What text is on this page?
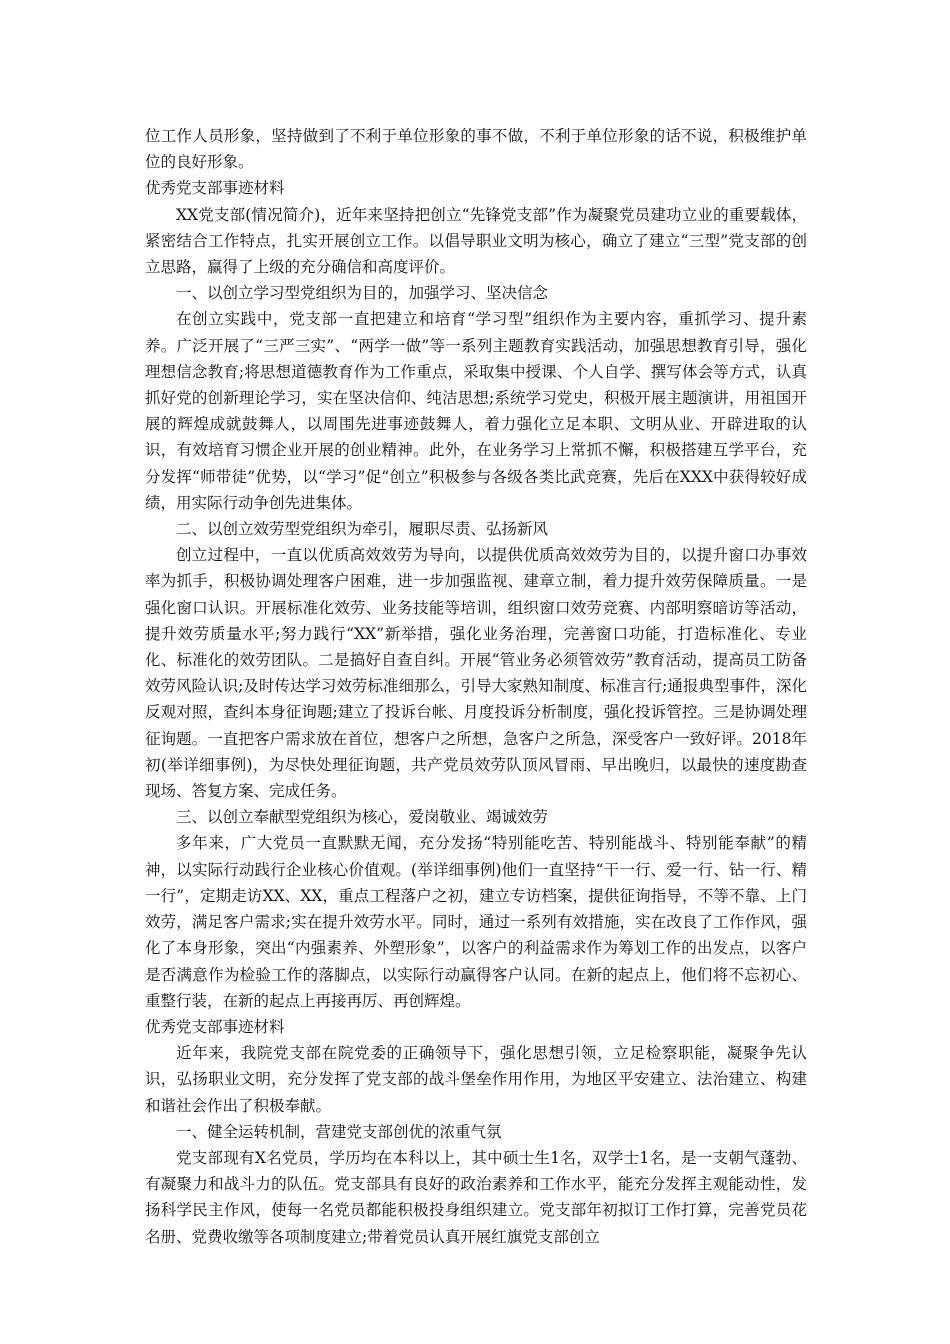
位工作人员形象，坚持做到了不利于单位形象的事不做，不利于单位形象的话不说，积极维护单位的良好形象。

优秀党支部事迹材料

XX党支部(情况简介)，近年来坚持把创立“先锋党支部”作为凝聚党员建功立业的重要载体，紧密结合工作特点，扎实开展创立工作。以倡导职业文明为核心，确立了建立“三型”党支部的创立思路，赢得了上级的充分确信和高度评价。

一、以创立学习型党组织为目的，加强学习、坚决信念

在创立实践中，党支部一直把建立和培育“学习型”组织作为主要内容，重抓学习、提升素养。广泛开展了“三严三实”、“两学一做”等一系列主题教育实践活动，加强思想教育引导，强化理想信念教育;将思想道德教育作为工作重点，采取集中授课、个人自学、撰写体会等方式，认真抓好党的创新理论学习，实在坚决信仰、纯洁思想;系统学习党史，积极开展主题演讲，用祖国开展的辉煌成就鼓舞人，以周围先进事迹鼓舞人，着力强化立足本职、文明从业、开辟进取的认识，有效培育习惯企业开展的创业精神。此外，在业务学习上常抓不懈，积极搭建互学平台，充分发挥“师带徒”优势，以“学习”促“创立”积极参与各级各类比武竞赛，先后在XXX中获得较好成绩，用实际行动争创先进集体。

二、以创立效劳型党组织为牵引，履职尽责、弘扬新风

创立过程中，一直以优质高效效劳为导向，以提供优质高效效劳为目的，以提升窗口办事效率为抓手，积极协调处理客户困难，进一步加强监视、建章立制，着力提升效劳保障质量。一是强化窗口认识。开展标准化效劳、业务技能等培训，组织窗口效劳竞赛、内部明察暗访等活动，提升效劳质量水平;努力践行“XX”新举措，强化业务治理，完善窗口功能，打造标准化、专业化、标准化的效劳团队。二是搞好自查自纠。开展“管业务必须管效劳”教育活动，提高员工防备效劳风险认识;及时传达学习效劳标准细那么，引导大家熟知制度、标准言行;通报典型事件，深化反观对照，查纠本身征询题;建立了投诉台帐、月度投诉分析制度，强化投诉管控。三是协调处理征询题。一直把客户需求放在首位，想客户之所想，急客户之所急，深受客户一致好评。2018年初(举详细事例)，为尽快处理征询题，共产党员效劳队顶风冒雨、早出晚归，以最快的速度勘查现场、答复方案、完成任务。

三、以创立奉献型党组织为核心，爱岗敬业、竭诚效劳

多年来，广大党员一直默默无闻，充分发扬“特别能吃苦、特别能战斗、特别能奉献”的精神，以实际行动践行企业核心价值观。(举详细事例)他们一直坚持“干一行、爱一行、钻一行、精一行”，定期走访XX、XX，重点工程落户之初，建立专访档案，提供征询指导，不等不靠、上门效劳，满足客户需求;实在提升效劳水平。同时，通过一系列有效措施，实在改良了工作作风，强化了本身形象，突出“内强素养、外塑形象”，以客户的利益需求作为筹划工作的出发点，以客户是否满意作为检验工作的落脚点，以实际行动赢得客户认同。在新的起点上，他们将不忘初心、重整行装，在新的起点上再接再厉、再创辉煌。

优秀党支部事迹材料

近年来，我院党支部在院党委的正确领导下，强化思想引领，立足检察职能，凝聚争先认识，弘扬职业文明，充分发挥了党支部的战斗堡垒作用作用，为地区平安建立、法治建立、构建和谐社会作出了积极奉献。

一、健全运转机制，营建党支部创优的浓重气氛

党支部现有X名党员，学历均在本科以上，其中硕士生1名，双学士1名，是一支朝气蓬勃、有凝聚力和战斗力的队伍。党支部具有良好的政治素养和工作水平，能充分发挥主观能动性，发扬科学民主作风，使每一名党员都能积极投身组织建立。党支部年初拟订工作打算，完善党员花名册、党费收缴等各项制度建立;带着党员认真开展红旗党支部创立
